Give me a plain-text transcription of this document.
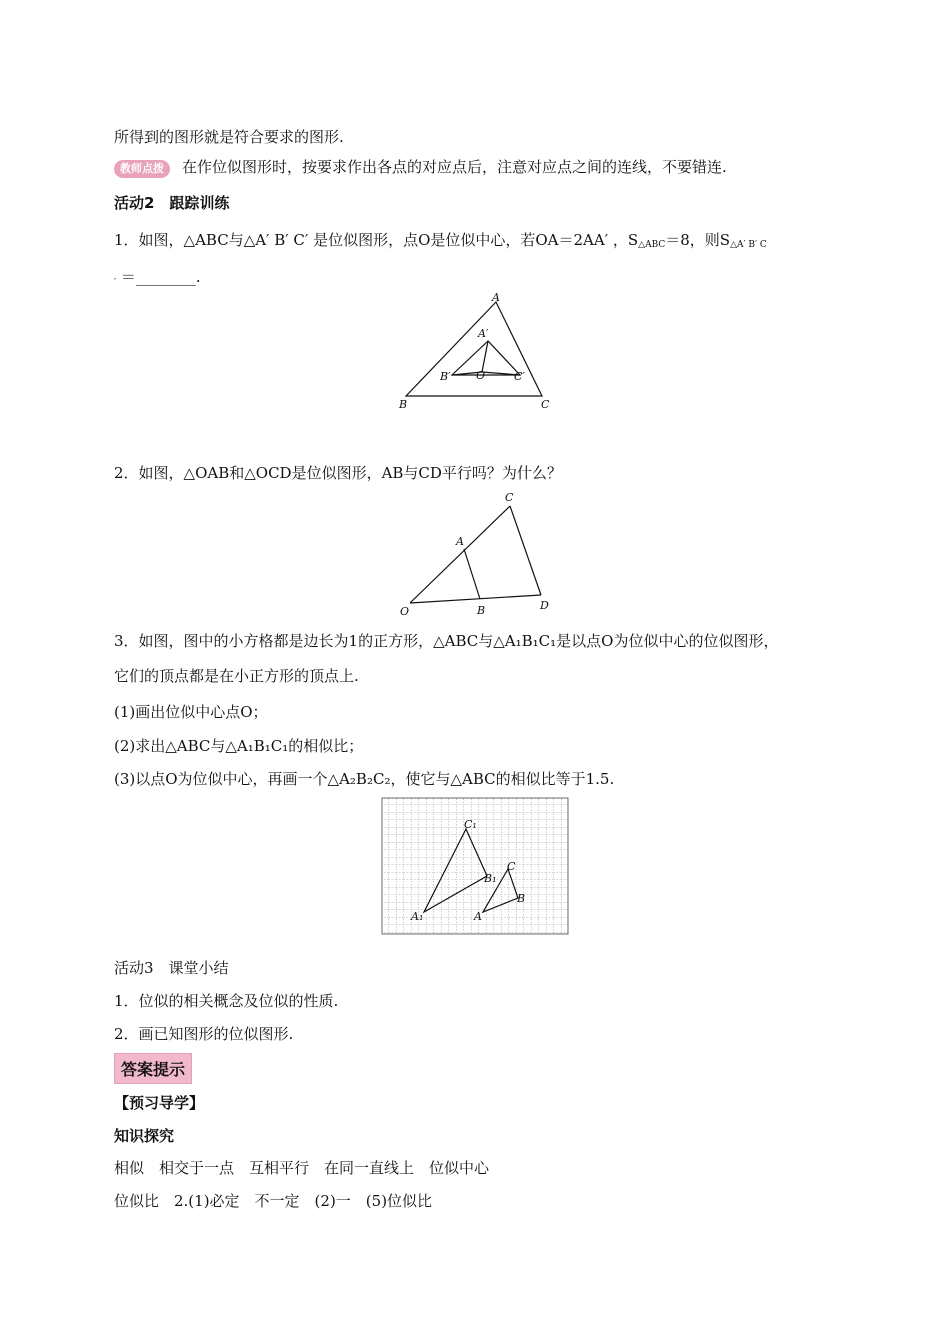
所得到的图形就是符合要求的图形.
教师点拨 在作位似图形时，按要求作出各点的对应点后，注意对应点之间的连线，不要错连.
活动2　跟踪训练
1．如图，△ABC与△A′ B′ C′ 是位似图形，点O是位似中心，若OA＝2AA′ ，$S_{\triangle ABC}=8$，则$S_{\triangle A' B' C}$
$'$ ＝________.
A
A′
B′ O	C′
B	C
2．如图，△OAB和△OCD是位似图形，AB与CD平行吗？为什么？
C
A
O	B	D
3．如图，图中的小方格都是边长为1的正方形，△ABC与△A₁B₁C₁是以点O为位似中心的位似图形，
它们的顶点都是在小正方形的顶点上.
(1)画出位似中心点O；
(2)求出△ABC与△A₁B₁C₁的相似比；
(3)以点O为位似中心，再画一个△A₂B₂C₂，使它与△ABC的相似比等于1.5.
C₁
B₁
A₁
C
B
A
活动3　课堂小结
1．位似的相关概念及位似的性质.
2．画已知图形的位似图形.
答案提示
【预习导学】
知识探究
相似　相交于一点　互相平行　在同一直线上　位似中心
位似比　2.(1)必定　不一定　(2)一　(5)位似比
